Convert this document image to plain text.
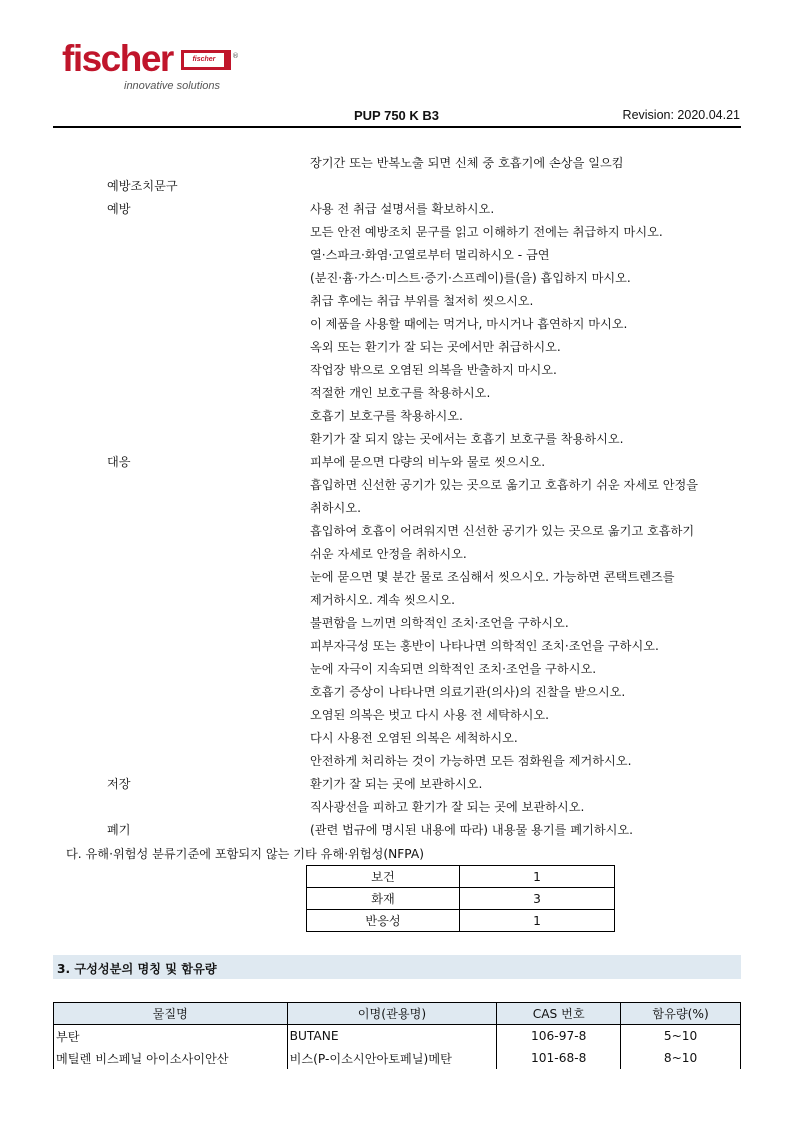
fischer	fischer	®
innovative solutions
PUP 750 K B3	Revision: 2020.04.21
장기간 또는 반복노출 되면 신체 중 호흡기에 손상을 일으킴
예방조치문구
예방	사용 전 취급 설명서를 확보하시오.
모든 안전 예방조치 문구를 읽고 이해하기 전에는 취급하지 마시오.
열·스파크·화염·고열로부터 멀리하시오 - 금연
(분진·흄·가스·미스트·증기·스프레이)를(을) 흡입하지 마시오.
취급 후에는 취급 부위를 철저히 씻으시오.
이 제품을 사용할 때에는 먹거나, 마시거나 흡연하지 마시오.
옥외 또는 환기가 잘 되는 곳에서만 취급하시오.
작업장 밖으로 오염된 의복을 반출하지 마시오.
적절한 개인 보호구를 착용하시오.
호흡기 보호구를 착용하시오.
환기가 잘 되지 않는 곳에서는 호흡기 보호구를 착용하시오.
대응	피부에 묻으면 다량의 비누와 물로 씻으시오.
흡입하면 신선한 공기가 있는 곳으로 옮기고 호흡하기 쉬운 자세로 안정을
취하시오.
흡입하여 호흡이 어려워지면 신선한 공기가 있는 곳으로 옮기고 호흡하기
쉬운 자세로 안정을 취하시오.
눈에 묻으면 몇 분간 물로 조심해서 씻으시오. 가능하면 콘택트렌즈를
제거하시오. 계속 씻으시오.
불편함을 느끼면 의학적인 조치·조언을 구하시오.
피부자극성 또는 홍반이 나타나면 의학적인 조치·조언을 구하시오.
눈에 자극이 지속되면 의학적인 조치·조언을 구하시오.
호흡기 증상이 나타나면 의료기관(의사)의 진찰을 받으시오.
오염된 의복은 벗고 다시 사용 전 세탁하시오.
다시 사용전 오염된 의복은 세척하시오.
안전하게 처리하는 것이 가능하면 모든 점화원을 제거하시오.
저장	환기가 잘 되는 곳에 보관하시오.
직사광선을 피하고 환기가 잘 되는 곳에 보관하시오.
폐기	(관련 법규에 명시된 내용에 따라) 내용물 용기를 폐기하시오.
다. 유해·위험성 분류기준에 포함되지 않는 기타 유해·위험성(NFPA)
보건	1
화재	3
반응성	1
3. 구성성분의 명칭 및 함유량
물질명	이명(관용명)	CAS 번호	함유량(%)
부탄	BUTANE	106-97-8	5~10
메틸렌 비스페닐 아이소사이안산	비스(P-이소시안아토페닐)메탄	101-68-8	8~10
